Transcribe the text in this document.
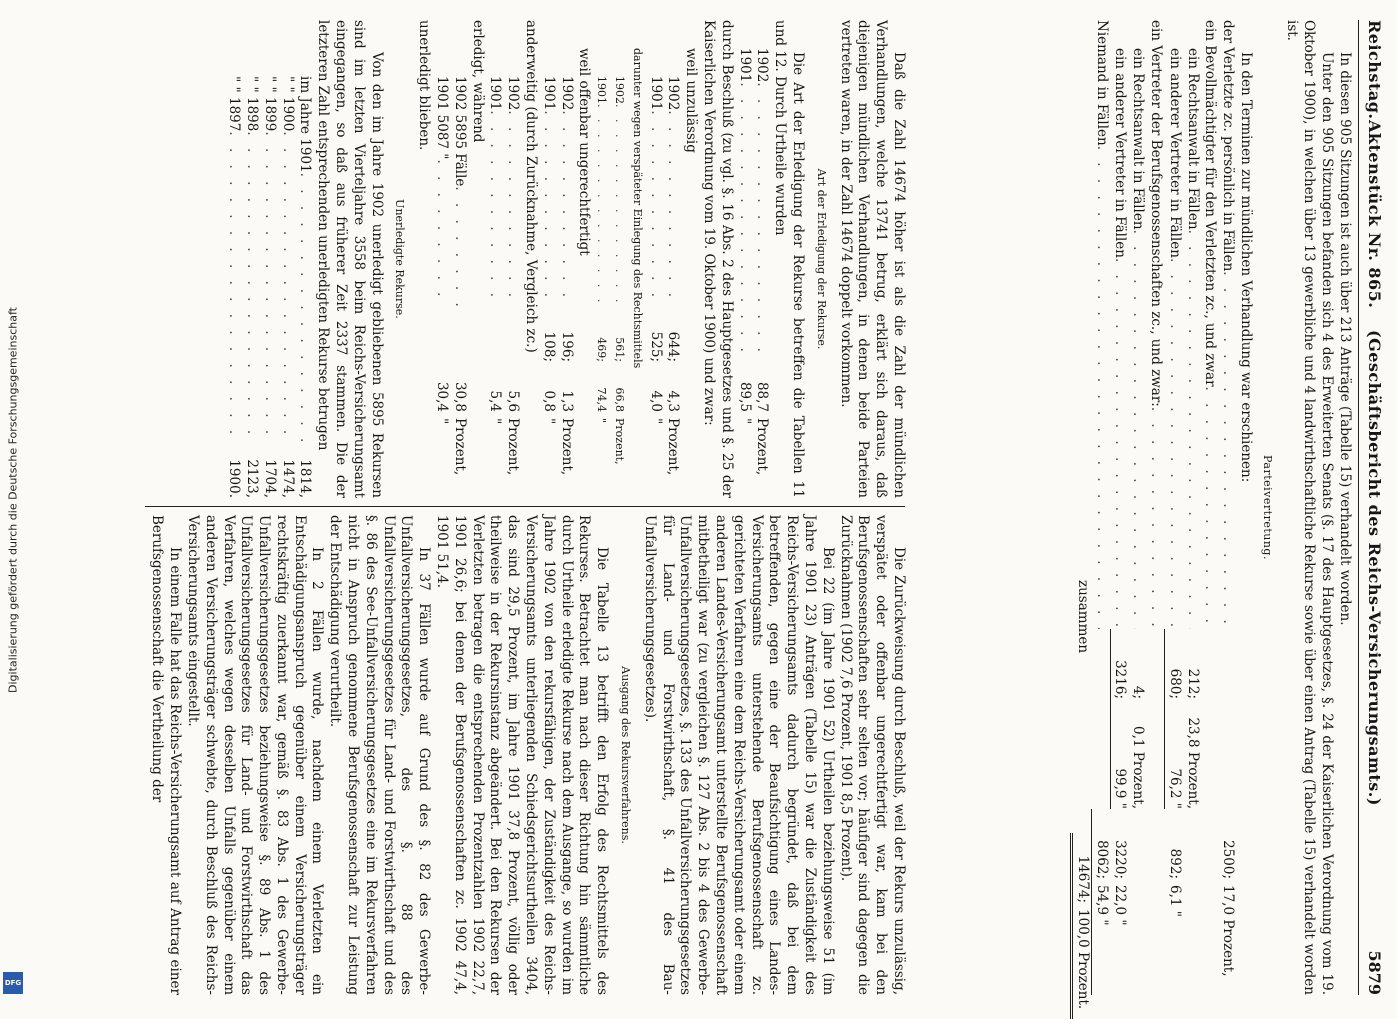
Digitalisierung gefördert durch die Deutsche Forschungsgemeinschaft
DFG
Reichstag.
Aktenstück Nr. 865.
(Geschäftsbericht des Reichs-Versicherungsamts.)
5879

In diesen 905 Sitzungen ist auch über 213 Anträge (Tabelle 15) verhandelt worden.

Unter den 905 Sitzungen befanden sich 4 des Erweiterten Senats (§. 17 des Hauptgesetzes, §. 24 der Kaiserlichen Verordnung vom 19. Oktober 1900), in welchen über 13 gewerbliche und 4 landwirthschaftliche Rekurse sowie über einen Antrag (Tabelle 15) verhandelt worden ist.

Parteivertretung.

In den Terminen zur mündlichen Verhandlung war erschienen:

der Verletzte zc. persönlich in Fällen
. . .
2500;
17,0 Prozent,
ein Bevollmächtigter für den Verletzten zc., und zwar
. . .
ein Rechtsanwalt in Fällen
. . .
212;
23,8 Prozent,
ein anderer Vertreter in Fällen
. . .
680;
76,2 "
892;
6,1 "
ein Vertreter der Berufsgenossenschaften zc., und zwar:
. . .
ein Rechtsanwalt in Fällen
. . .
4;
0,1 Prozent,
ein anderer Vertreter in Fällen
. . .
3216;
99,9 "
3220;
22,0 "
Niemand in Fällen
. . .
8062;
54,9 "
zusammen
14674;
100,0 Prozent.

Daß die Zahl 14674 höher ist als die Zahl der mündlichen Verhandlungen, welche 13741 betrug, erklärt sich daraus, daß diejenigen mündlichen Verhandlungen, in denen beide Parteien vertreten waren, in der Zahl 14674 doppelt vorkommen.

Art der Erledigung der Rekurse.

Die Art der Erledigung der Rekurse betreffen die Tabellen 11 und 12. Durch Urtheile wurden

1902
. . .
88,7
Prozent,
1901
. . .
89,5
"

durch Beschluß (zu vgl. §. 16 Abs. 2 des Hauptgesetzes und §. 25 der Kaiserlichen Verordnung vom 19. Oktober 1900) und zwar:

weil unzulässig
1902
. . .
644;
4,3
Prozent,
1901
. . .
525;
4,0
"
darunter wegen verspäteter Einlegung des Rechtsmittels
1902
. . .
561;
66,8
Prozent,
1901
. . .
469;
74,4
"
weil offenbar ungerechtfertigt
1902
. . .
196;
1,3
Prozent,
1901
. . .
108;
0,8
"
anderweitig (durch Zurücknahme, Vergleich zc.)
1902
. . .
5,6
Prozent,
1901
. . .
5,4
"
erledigt, während
1902 5895 Fälle
. . .
30,8
Prozent,
1901 5087 "
. . .
30,4
"
unerledigt blieben.
Unerledigte Rekurse.

Von den im Jahre 1902 unerledigt gebliebenen 5895 Rekursen sind im letzten Vierteljahre 3558 beim Reichs-Versicherungsamt eingegangen, so daß aus früherer Zeit 2337 stammen. Die der letzteren Zahl entsprechenden unerledigten Rekurse betrugen

im Jahre 1901
. . .
1814,
" " 1900
. . .
1474,
" " 1899
. . .
1704,
" " 1898
. . .
2123,
" " 1897
. . .
1900.

Die Zurückweisung durch Beschluß, weil der Rekurs unzulässig, verspätet oder offenbar ungerechtfertigt war, kam bei den Berufsgenossenschaften sehr selten vor; häufiger sind dagegen die Zurücknahmen (1902 7,6 Prozent, 1901 8,5 Prozent).

Bei 22 (im Jahre 1901 52) Urtheilen beziehungsweise 51 (im Jahre 1901 23) Anträgen (Tabelle 15) war die Zuständigkeit des Reichs-Versicherungsamts dadurch begründet, daß bei dem betreffenden, gegen eine der Beaufsichtigung eines Landes-Versicherungsamts unterstehende Berufsgenossenschaft zc. gerichteten Verfahren eine dem Reichs-Versicherungsamt oder einem anderen Landes-Versicherungsamt unterstellte Berufsgenossenschaft mitbetheiligt war (zu vergleichen §. 127 Abs. 2 bis 4 des Gewerbe-Unfallversicherungsgesetzes, §. 133 des Unfallversicherungsgesetzes für Land- und Forstwirthschaft, §. 41 des Bau-Unfallversicherungsgesetzes).

Ausgang des Rekursverfahrens.

Die Tabelle 13 betrifft den Erfolg des Rechtsmittels des Rekurses. Betrachtet man nach dieser Richtung hin sämmtliche durch Urtheile erledigte Rekurse nach dem Ausgange, so wurden im Jahre 1902 von den rekursfähigen, der Zuständigkeit des Reichs-Versicherungsamts unterliegenden Schiedsgerichtsurtheilen 3404, das sind 29,5 Prozent, im Jahre 1901 37,8 Prozent, völlig oder theilweise in der Rekursinstanz abgeändert. Bei den Rekursen der Verletzten betragen die entsprechenden Prozentzahlen 1902 22,7, 1901 26,6; bei denen der Berufsgenossenschaften zc. 1902 47,4, 1901 51,4.

In 37 Fällen wurde auf Grund des §. 82 des Gewerbe-Unfallversicherungsgesetzes, des §. 88 des Unfallversicherungsgesetzes für Land- und Forstwirthschaft und des §. 86 des See-Unfallversicherungsgesetzes eine im Rekursverfahren nicht in Anspruch genommene Berufsgenossenschaft zur Leistung der Entschädigung verurtheilt.

In 2 Fällen wurde, nachdem einem Verletzten ein Entschädigungsanspruch gegenüber einem Versicherungsträger rechtskräftig zuerkannt war, gemäß §. 83 Abs. 1 des Gewerbe-Unfallversicherungsgesetzes beziehungsweise §. 89 Abs. 1 des Unfallversicherungsgesetzes für Land- und Forstwirthschaft das Verfahren, welches wegen desselben Unfalls gegenüber einem anderen Versicherungsträger schwebte, durch Beschluß des Reichs-Versicherungsamts eingestellt.

In einem Falle hat das Reichs-Versicherungsamt auf Antrag einer Berufsgenossenschaft die Vertheilung der
